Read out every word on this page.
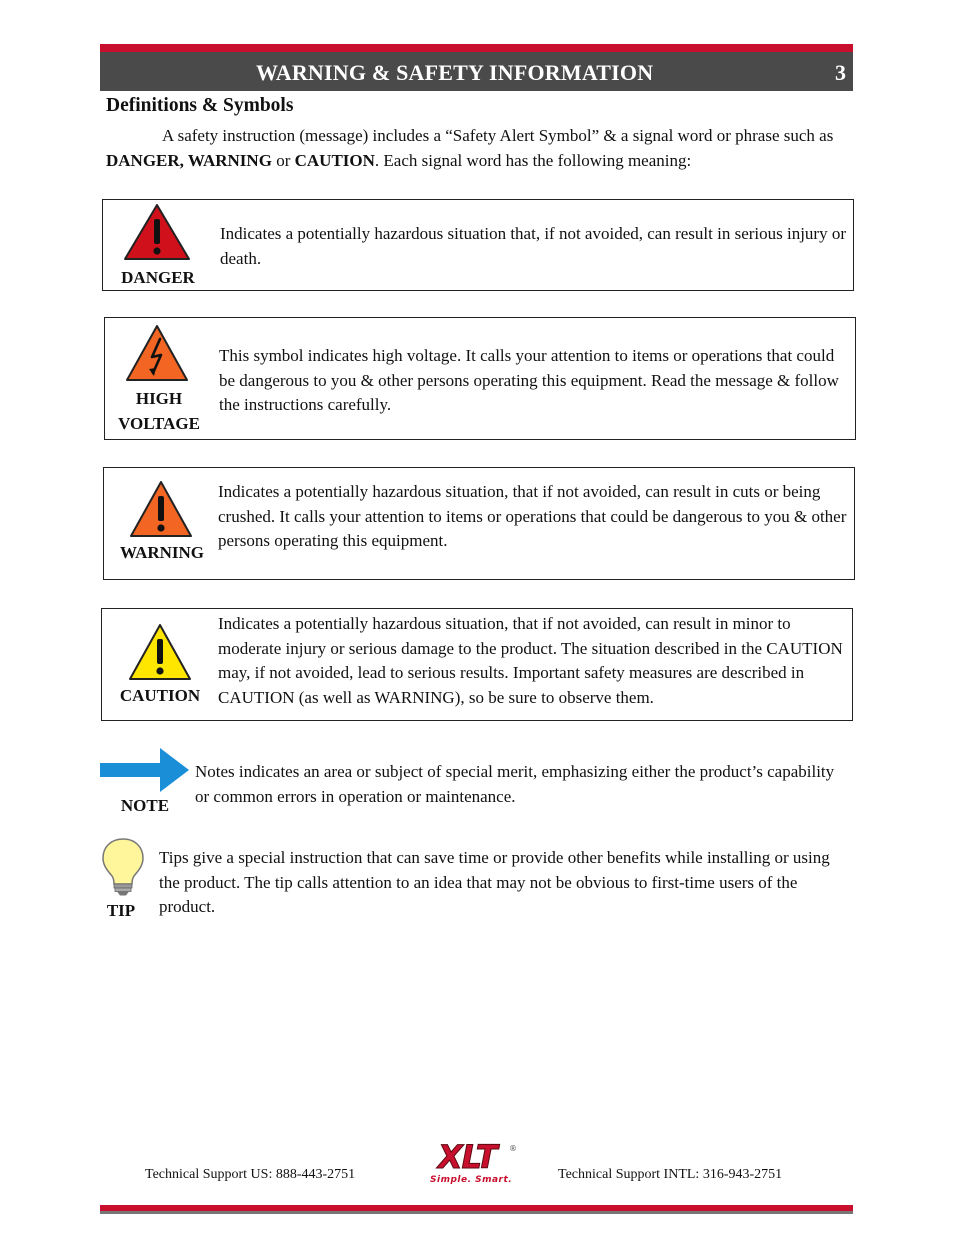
WARNING & SAFETY INFORMATION	3
Definitions & Symbols

A safety instruction (message) includes a “Safety Alert Symbol” & a signal word or phrase such as DANGER, WARNING or CAUTION. Each signal word has the following meaning:

DANGER
Indicates a potentially hazardous situation that, if not avoided, can result in serious injury or death.
HIGH
VOLTAGE
This symbol indicates high voltage. It calls your attention to items or operations that could be dangerous to you & other persons operating this equipment. Read the message & follow the instructions carefully.
WARNING
Indicates a potentially hazardous situation, that if not avoided, can result in cuts or being crushed. It calls your attention to items or operations that could be dangerous to you & other persons operating this equipment.
CAUTION
Indicates a potentially hazardous situation, that if not avoided, can result in minor to moderate injury or serious damage to the product. The situation described in the CAUTION may, if not avoided, lead to serious results. Important safety measures are described in CAUTION (as well as WARNING), so be sure to observe them.
NOTE
Notes indicates an area or subject of special merit, emphasizing either the product’s capability or common errors in operation or maintenance.
TIP
Tips give a special instruction that can save time or provide other benefits while installing or using the product. The tip calls attention to an idea that may not be obvious to first-time users of the product.
Technical Support US: 888-443-2751	XLT ®
Simple. Smart.	Technical Support INTL: 316-943-2751
